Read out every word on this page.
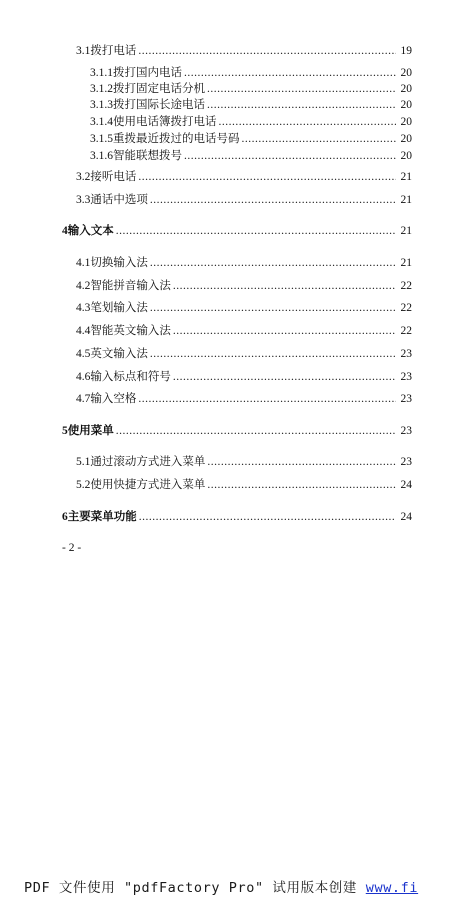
3.1 拨打电话 .....	19
3.1.1 拨打国内电话 .....	20
3.1.2 拨打固定电话分机 .....	20
3.1.3 拨打国际长途电话 .....	20
3.1.4 使用电话簿拨打电话 .....	20
3.1.5 重拨最近拨过的电话号码 .....	20
3.1.6 智能联想拨号 .....	20
3.2 接听电话 .....	21
3.3 通话中选项 .....	21
4 输入文本 .....	21
4.1 切换输入法 .....	21
4.2 智能拼音输入法 .....	22
4.3 笔划输入法 .....	22
4.4 智能英文输入法 .....	22
4.5 英文输入法 .....	23
4.6 输入标点和符号 .....	23
4.7 输入空格 .....	23
5 使用菜单 .....	23
5.1 通过滚动方式进入菜单 .....	23
5.2 使用快捷方式进入菜单 .....	24
6 主要菜单功能 .....	24
- 2 -
PDF 文件使用 "pdfFactory Pro" 试用版本创建 www.fi
